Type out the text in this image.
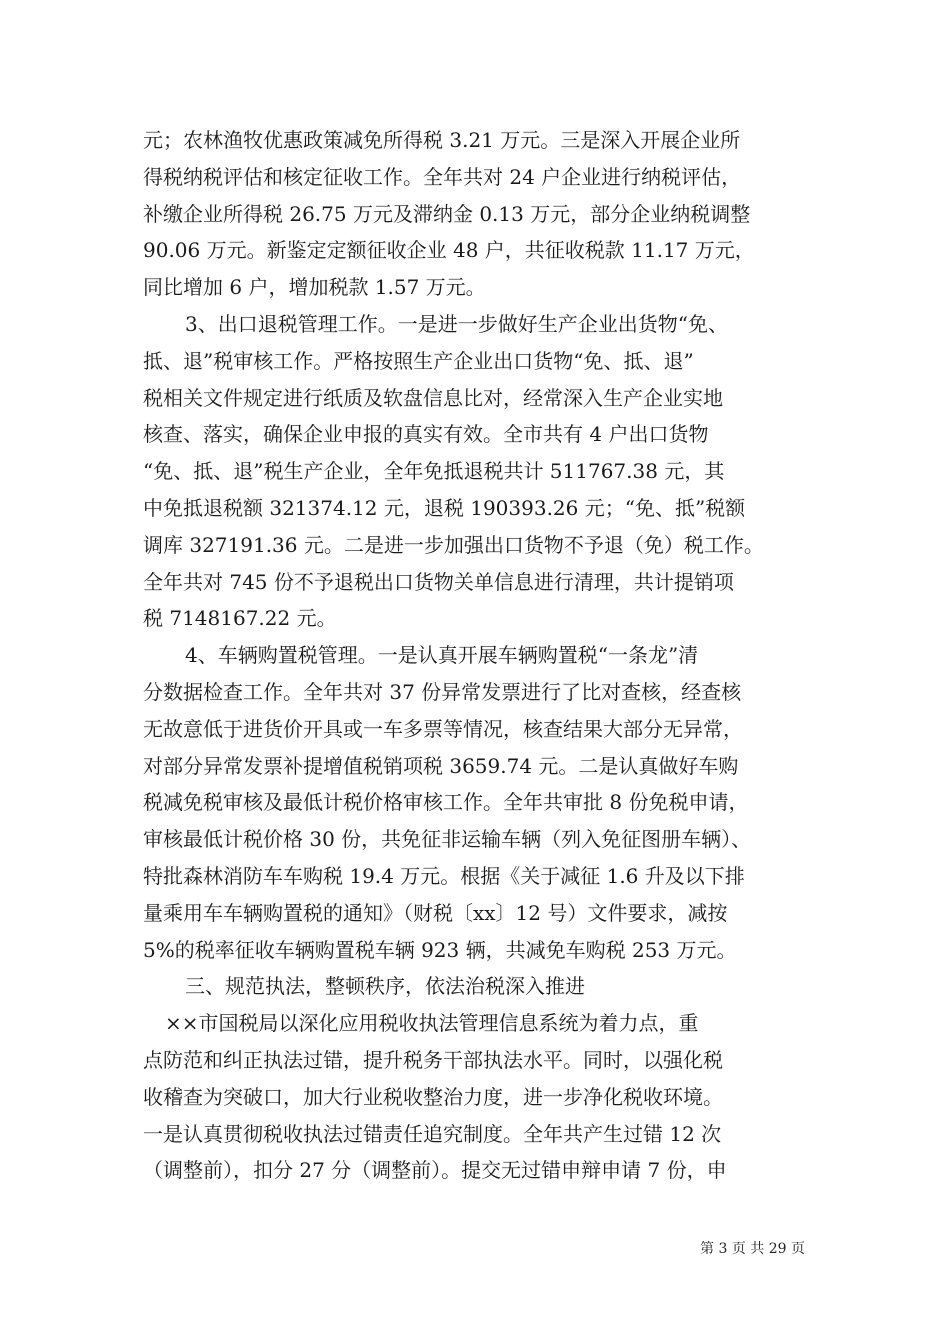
元；农林渔牧优惠政策减免所得税 3.21 万元。三是深入开展企业所
得税纳税评估和核定征收工作。全年共对 24 户企业进行纳税评估，
补缴企业所得税 26.75 万元及滞纳金 0.13 万元，部分企业纳税调整
90.06 万元。新鉴定定额征收企业 48 户，共征收税款 11.17 万元，
同比增加 6 户，增加税款 1.57 万元。
3、出口退税管理工作。一是进一步做好生产企业出货物“免、
抵、退”税审核工作。严格按照生产企业出口货物“免、抵、退”
税相关文件规定进行纸质及软盘信息比对，经常深入生产企业实地
核查、落实，确保企业申报的真实有效。全市共有 4 户出口货物
“免、抵、退”税生产企业，全年免抵退税共计 511767.38 元，其
中免抵退税额 321374.12 元，退税 190393.26 元；“免、抵”税额
调库 327191.36 元。二是进一步加强出口货物不予退（免）税工作。
全年共对 745 份不予退税出口货物关单信息进行清理，共计提销项
税 7148167.22 元。
4、车辆购置税管理。一是认真开展车辆购置税“一条龙”清
分数据检查工作。全年共对 37 份异常发票进行了比对查核，经查核
无故意低于进货价开具或一车多票等情况，核查结果大部分无异常，
对部分异常发票补提增值税销项税 3659.74 元。二是认真做好车购
税减免税审核及最低计税价格审核工作。全年共审批 8 份免税申请，
审核最低计税价格 30 份，共免征非运输车辆（列入免征图册车辆）、
特批森林消防车车购税 19.4 万元。根据《关于减征 1.6 升及以下排
量乘用车车辆购置税的通知》（财税〔xx〕12 号）文件要求，减按
5%的税率征收车辆购置税车辆 923 辆，共减免车购税 253 万元。
三、规范执法，整顿秩序，依法治税深入推进
××市国税局以深化应用税收执法管理信息系统为着力点，重
点防范和纠正执法过错，提升税务干部执法水平。同时，以强化税
收稽查为突破口，加大行业税收整治力度，进一步净化税收环境。
一是认真贯彻税收执法过错责任追究制度。全年共产生过错 12 次
（调整前），扣分 27 分（调整前）。提交无过错申辩申请 7 份，申
第 3 页 共 29 页
